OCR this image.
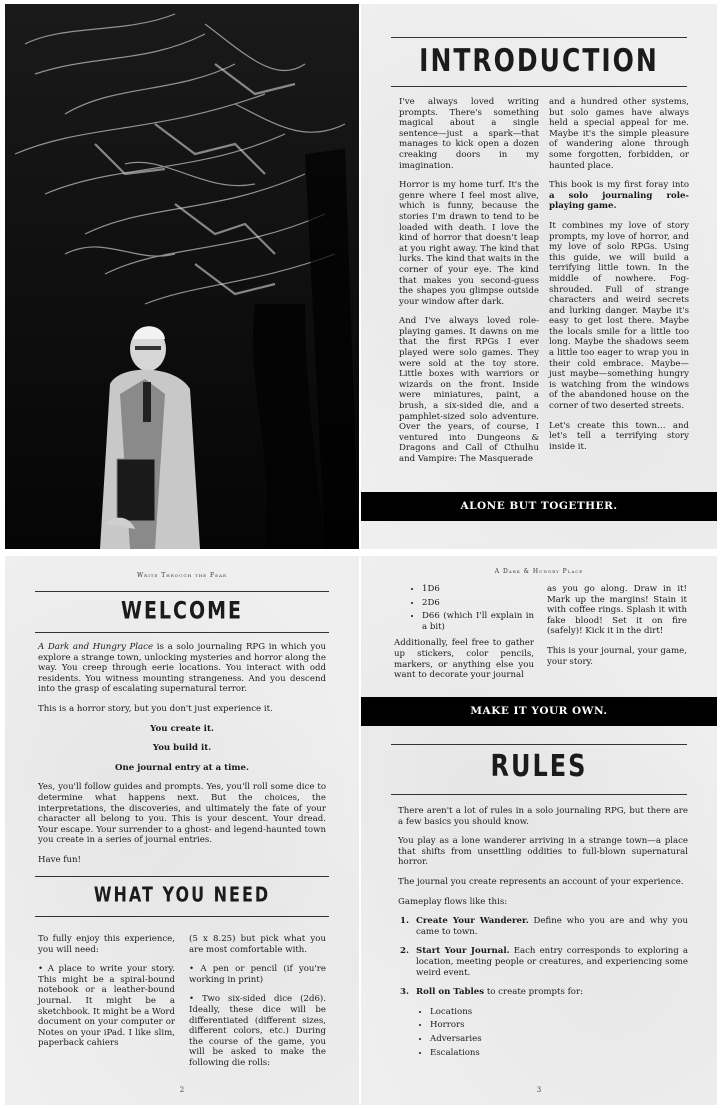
INTRODUCTION

I've always loved writing prompts. There's something magical about a single sentence—just a spark—that manages to kick open a dozen creaking doors in my imagination.

Horror is my home turf. It's the genre where I feel most alive, which is funny, because the stories I'm drawn to tend to be loaded with death. I love the kind of horror that doesn't leap at you right away. The kind that lurks. The kind that waits in the corner of your eye. The kind that makes you second-guess the shapes you glimpse outside your window after dark.

And I've always loved role-playing games. It dawns on me that the first RPGs I ever played were solo games. They were sold at the toy store. Little boxes with warriors or wizards on the front. Inside were miniatures, paint, a brush, a six-sided die, and a pamphlet-sized solo adventure. Over the years, of course, I ventured into Dungeons & Dragons and Call of Cthulhu and Vampire: The Masquerade

and a hundred other systems, but solo games have always held a special appeal for me. Maybe it's the simple pleasure of wandering alone through some forgotten, forbidden, or haunted place.

This book is my first foray into a solo journaling role-playing game.

It combines my love of story prompts, my love of horror, and my love of solo RPGs. Using this guide, we will build a terrifying little town. In the middle of nowhere. Fog-shrouded. Full of strange characters and weird secrets and lurking danger. Maybe it's easy to get lost there. Maybe the locals smile for a little too long. Maybe the shadows seem a little too eager to wrap you in their cold embrace. Maybe—just maybe—something hungry is watching from the windows of the abandoned house on the corner of two deserted streets.

Let's create this town… and let's tell a terrifying story inside it.

ALONE BUT TOGETHER.
Write Through the Fear
WELCOME

A Dark and Hungry Place is a solo journaling RPG in which you explore a strange town, unlocking mysteries and horror along the way. You creep through eerie locations. You interact with odd residents. You witness mounting strangeness. And you descend into the grasp of escalating supernatural terror.

This is a horror story, but you don't just experience it.

You create it.

You build it.

One journal entry at a time.

Yes, you'll follow guides and prompts. Yes, you'll roll some dice to determine what happens next. But the choices, the interpretations, the discoveries, and ultimately the fate of your character all belong to you. This is your descent. Your dread. Your escape. Your surrender to a ghost- and legend-haunted town you create in a series of journal entries.

Have fun!

WHAT YOU NEED

To fully enjoy this experience, you will need:

• A place to write your story. This might be a spiral-bound notebook or a leather-bound journal. It might be a sketchbook. It might be a Word document on your computer or Notes on your iPad. I like slim, paperback cahiers

(5 x 8.25) but pick what you are most comfortable with.

• A pen or pencil (if you're working in print)

• Two six-sided dice (2d6). Ideally, these dice will be differentiated (different sizes, different colors, etc.) During the course of the game, you will be asked to make the following die rolls:

2
A Dark & Hungry Place
• 1D6
• 2D6
• D66 (which I'll explain in a bit)

Additionally, feel free to gather up stickers, color pencils, markers, or anything else you want to decorate your journal

as you go along. Draw in it! Mark up the margins! Stain it with coffee rings. Splash it with fake blood! Set it on fire (safely)! Kick it in the dirt!

This is your journal, your game, your story.

MAKE IT YOUR OWN.
RULES

There aren't a lot of rules in a solo journaling RPG, but there are a few basics you should know.

You play as a lone wanderer arriving in a strange town—a place that shifts from unsettling oddities to full-blown supernatural horror.

The journal you create represents an account of your experience.

Gameplay flows like this:

1. Create Your Wanderer. Define who you are and why you came to town.
2. Start Your Journal. Each entry corresponds to exploring a location, meeting people or creatures, and experiencing some weird event.
3. Roll on Tables to create prompts for:
• Locations
• Horrors
• Adversaries
• Escalations
3
